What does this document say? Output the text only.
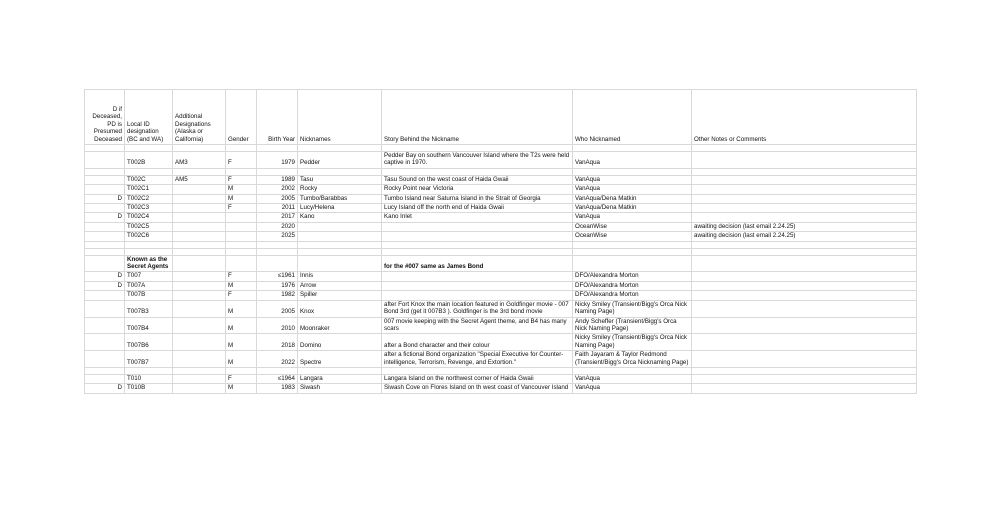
D if Deceased, PD is Presumed Deceased	Local ID designation (BC and WA)	Additional Designations (Alaska or California)	Gender	Birth Year	Nicknames	Story Behind the Nickname	Who Nicknamed	Other Notes or Comments

	T002B	AM3	F	1979	Pedder	Pedder Bay on southern Vancouver Island where the T2s were held captive in 1970.	VanAqua	

	T002C	AM5	F	1989	Tasu	Tasu Sound on the west coast of Haida Gwaii	VanAqua	
	T002C1		M	2002	Rocky	Rocky Point near Victoria	VanAqua	
D	T002C2		M	2005	Tumbo/Barabbas	Tumbo Island near Saturna Island in the Strait of Georgia	VanAqua/Dena Matkin	
	T002C3		F	2011	Lucy/Helena	Lucy Island off the north end of Haida Gwaii	VanAqua/Dena Matkin	
D	T002C4			2017	Kano	Kano Inlet	VanAqua	
	T002C5			2020			OceanWise	awaiting decision (last email 2.24.25)
	T002C6			2025			OceanWise	awaiting decision (last email 2.24.25)

	Known as the Secret Agents					for the #007 same as James Bond		
D	T007		F	≤1961	Innis		DFO/Alexandra Morton	
D	T007A		M	1976	Arrow		DFO/Alexandra Morton	
	T007B		F	1982	Spiller		DFO/Alexandra Morton	
	T007B3		M	2005	Knox	after Fort Knox the main location featured in Goldfinger movie - 007 Bond 3rd (get it 007B3 ). Goldfinger is the 3rd bond movie	Nicky Smiley (Transient/Bigg's Orca Nick Naming Page)	
	T007B4		M	2010	Moonraker	007 movie keeping with the Secret Agent theme, and B4 has many scars	Andy Scheffer (Transient/Bigg's Orca Nick Naming Page)	
	T007B6		M	2018	Domino	after a Bond character and their colour	Nicky Smiley (Transient/Bigg's Orca Nick Naming Page)	
	T007B7		M	2022	Spectre	after a fictional Bond organization "Special Executive for Counter-intelligence, Terrorism, Revenge, and Extortion."	Faith Jayaram & Taylor Redmond (Transient/Bigg's Orca Nicknaming Page)	

	T010		F	≤1964	Langara	Langara Island on the northwest corner of Haida Gwaii	VanAqua	
D	T010B		M	1983	Siwash	Siwash Cove on Flores Island on th west coast of Vancouver Island	VanAqua	
